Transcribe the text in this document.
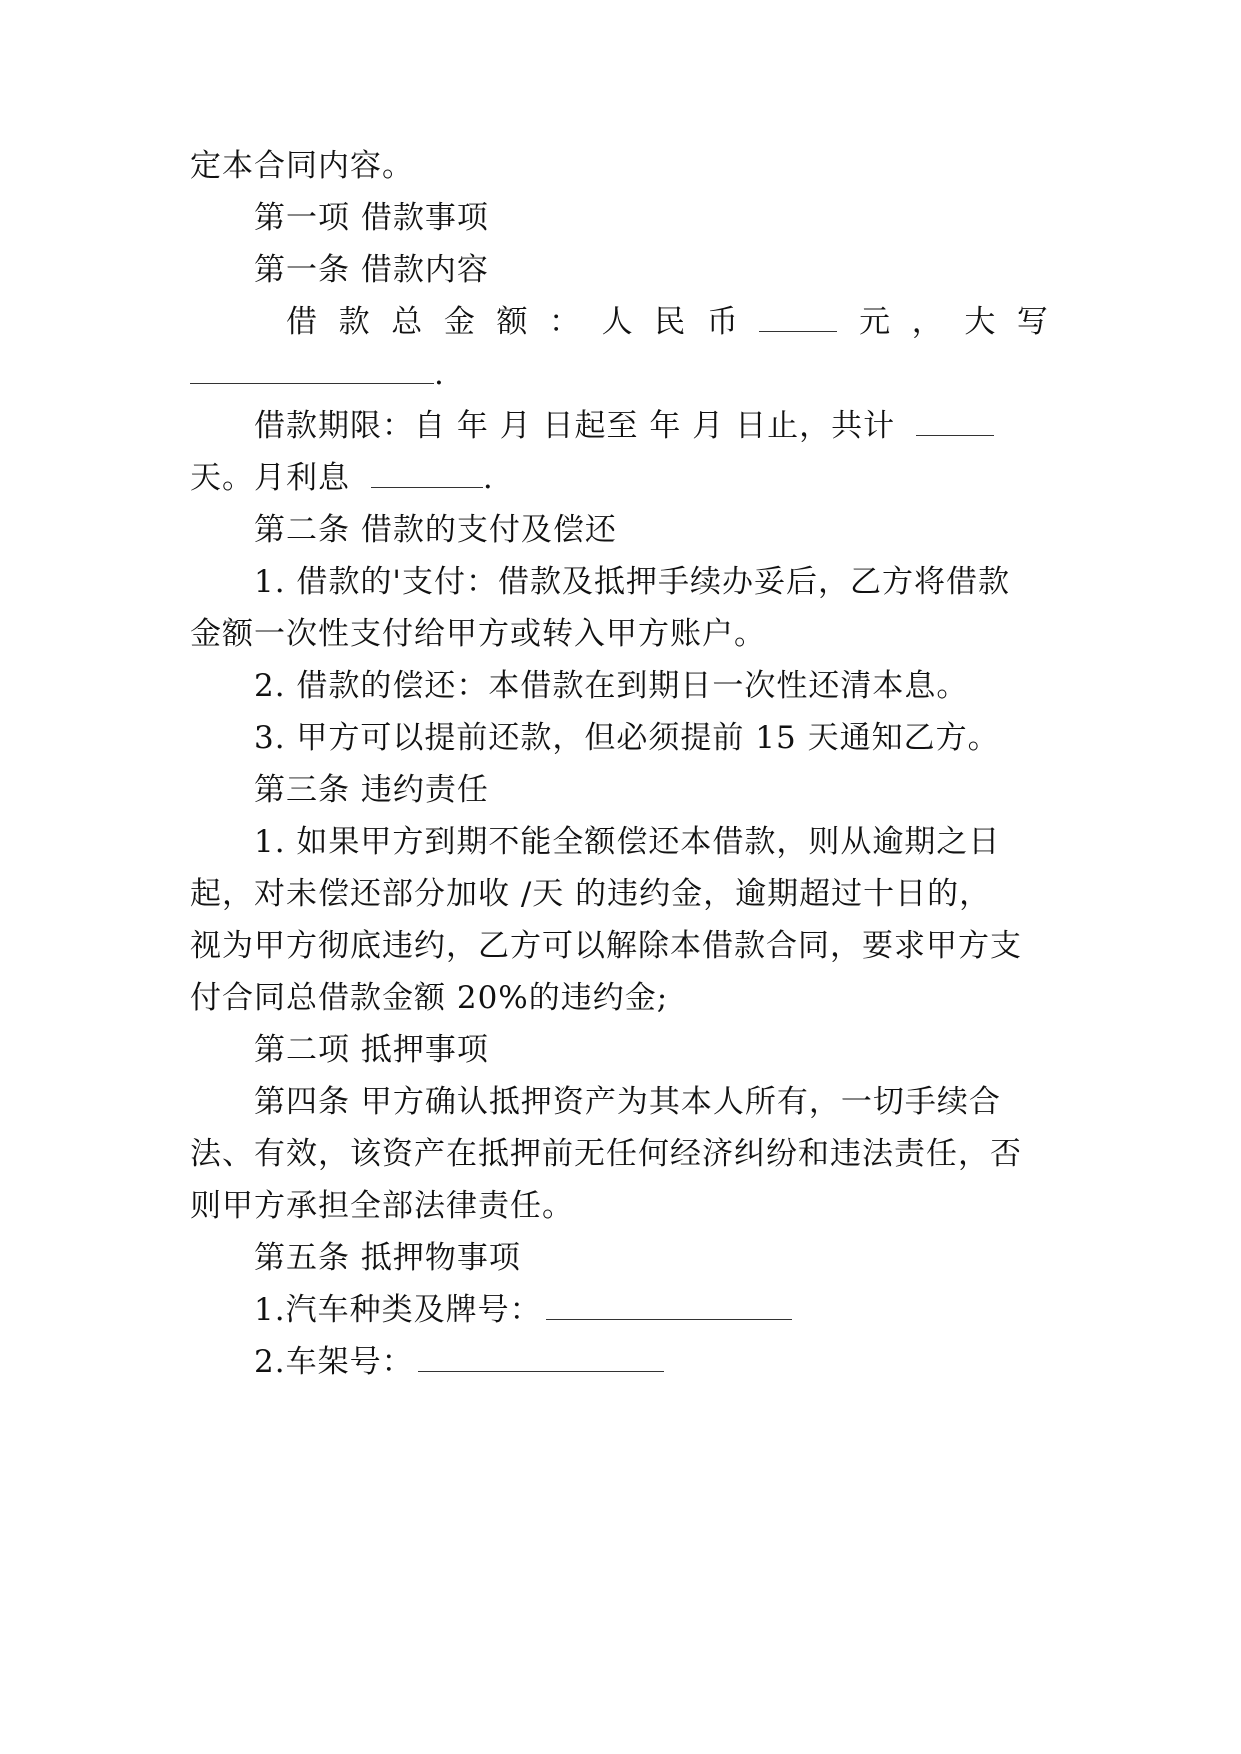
定本合同内容。
第一项 借款事项
第一条 借款内容
借 款 总 金 额 ： 人 民 币	元 ， 大 写
.
借款期限：自 年 月 日起至 年 月 日止，共计
天。月利息	.
第二条 借款的支付及偿还
1. 借款的'支付：借款及抵押手续办妥后，乙方将借款
金额一次性支付给甲方或转入甲方账户。
2. 借款的偿还：本借款在到期日一次性还清本息。
3. 甲方可以提前还款，但必须提前 15 天通知乙方。
第三条 违约责任
1. 如果甲方到期不能全额偿还本借款，则从逾期之日
起，对未偿还部分加收 /天 的违约金，逾期超过十日的，
视为甲方彻底违约，乙方可以解除本借款合同，要求甲方支
付合同总借款金额 20%的违约金;
第二项 抵押事项
第四条 甲方确认抵押资产为其本人所有，一切手续合
法、有效，该资产在抵押前无任何经济纠纷和违法责任，否
则甲方承担全部法律责任。
第五条 抵押物事项
1.汽车种类及牌号：
2.车架号：
